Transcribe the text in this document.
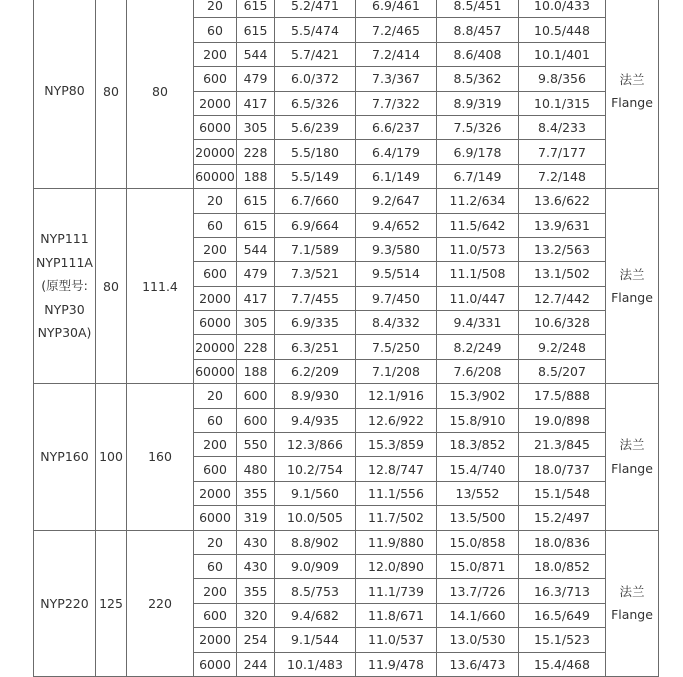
NYP80	80	80	20	615	5.2/471	6.9/461	8.5/451	10.0/433	法兰
Flange

			60	615	5.5/474	7.2/465	8.8/457	10.5/448	
			200	544	5.7/421	7.2/414	8.6/408	10.1/401	
			600	479	6.0/372	7.3/367	8.5/362	9.8/356	
			2000	417	6.5/326	7.7/322	8.9/319	10.1/315	
			6000	305	5.6/239	6.6/237	7.5/326	8.4/233	
			20000	228	5.5/180	6.4/179	6.9/178	7.7/177	
			60000	188	5.5/149	6.1/149	6.7/149	7.2/148	

NYP111
NYP111A
(原型号:
NYP30
NYP30A)	80	111.4	20	615	6.7/660	9.2/647	11.2/634	13.6/622	法兰
Flange

			60	615	6.9/664	9.4/652	11.5/642	13.9/631	
			200	544	7.1/589	9.3/580	11.0/573	13.2/563	
			600	479	7.3/521	9.5/514	11.1/508	13.1/502	
			2000	417	7.7/455	9.7/450	11.0/447	12.7/442	
			6000	305	6.9/335	8.4/332	9.4/331	10.6/328	
			20000	228	6.3/251	7.5/250	8.2/249	9.2/248	
			60000	188	6.2/209	7.1/208	7.6/208	8.5/207	

NYP160	100	160	20	600	8.9/930	12.1/916	15.3/902	17.5/888	法兰
Flange

			60	600	9.4/935	12.6/922	15.8/910	19.0/898	
			200	550	12.3/866	15.3/859	18.3/852	21.3/845	
			600	480	10.2/754	12.8/747	15.4/740	18.0/737	
			2000	355	9.1/560	11.1/556	13/552	15.1/548	
			6000	319	10.0/505	11.7/502	13.5/500	15.2/497	

NYP220	125	220	20	430	8.8/902	11.9/880	15.0/858	18.0/836	法兰
Flange

			60	430	9.0/909	12.0/890	15.0/871	18.0/852	
			200	355	8.5/753	11.1/739	13.7/726	16.3/713	
			600	320	9.4/682	11.8/671	14.1/660	16.5/649	
			2000	254	9.1/544	11.0/537	13.0/530	15.1/523	
			6000	244	10.1/483	11.9/478	13.6/473	15.4/468	
